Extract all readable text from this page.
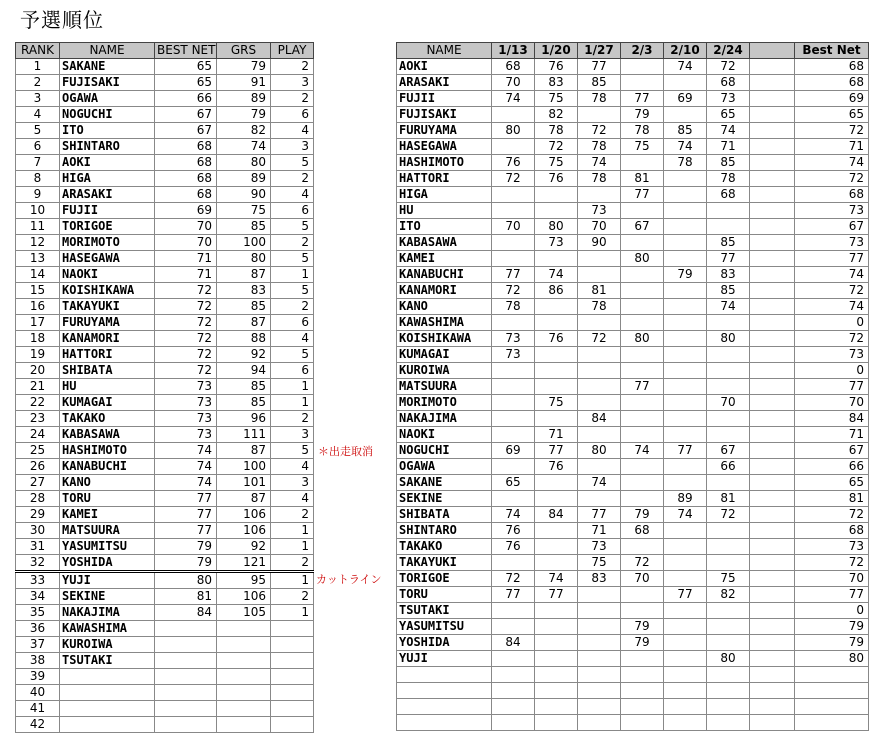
予選順位
RANK	NAME	BEST NET	GRS	PLAY
1	SAKANE	65	79	2
2	FUJISAKI	65	91	3
3	OGAWA	66	89	2
4	NOGUCHI	67	79	6
5	ITO	67	82	4
6	SHINTARO	68	74	3
7	AOKI	68	80	5
8	HIGA	68	89	2
9	ARASAKI	68	90	4
10	FUJII	69	75	6
11	TORIGOE	70	85	5
12	MORIMOTO	70	100	2
13	HASEGAWA	71	80	5
14	NAOKI	71	87	1
15	KOISHIKAWA	72	83	5
16	TAKAYUKI	72	85	2
17	FURUYAMA	72	87	6
18	KANAMORI	72	88	4
19	HATTORI	72	92	5
20	SHIBATA	72	94	6
21	HU	73	85	1
22	KUMAGAI	73	85	1
23	TAKAKO	73	96	2
24	KABASAWA	73	111	3
25	HASHIMOTO	74	87	5
26	KANABUCHI	74	100	4
27	KANO	74	101	3
28	TORU	77	87	4
29	KAMEI	77	106	2
30	MATSUURA	77	106	1
31	YASUMITSU	79	92	1
32	YOSHIDA	79	121	2
33	YUJI	80	95	1
34	SEKINE	81	106	2
35	NAKAJIMA	84	105	1
36	KAWASHIMA			
37	KUROIWA			
38	TSUTAKI			
39				
40				
41				
42				
NAME	1/13	1/20	1/27	2/3	2/10	2/24		Best Net
AOKI	68	76	77		74	72		68
ARASAKI	70	83	85			68		68
FUJII	74	75	78	77	69	73		69
FUJISAKI		82		79		65		65
FURUYAMA	80	78	72	78	85	74		72
HASEGAWA		72	78	75	74	71		71
HASHIMOTO	76	75	74		78	85		74
HATTORI	72	76	78	81		78		72
HIGA				77		68		68
HU			73					73
ITO	70	80	70	67				67
KABASAWA		73	90			85		73
KAMEI				80		77		77
KANABUCHI	77	74			79	83		74
KANAMORI	72	86	81			85		72
KANO	78		78			74		74
KAWASHIMA								0
KOISHIKAWA	73	76	72	80		80		72
KUMAGAI	73							73
KUROIWA								0
MATSUURA				77				77
MORIMOTO		75				70		70
NAKAJIMA			84					84
NAOKI		71						71
NOGUCHI	69	77	80	74	77	67		67
OGAWA		76				66		66
SAKANE	65		74					65
SEKINE					89	81		81
SHIBATA	74	84	77	79	74	72		72
SHINTARO	76		71	68				68
TAKAKO	76		73					73
TAKAYUKI			75	72				72
TORIGOE	72	74	83	70		75		70
TORU	77	77			77	82		77
TSUTAKI								0
YASUMITSU				79				79
YOSHIDA	84			79				79
YUJI						80		80

＊出走取消
カットライン
